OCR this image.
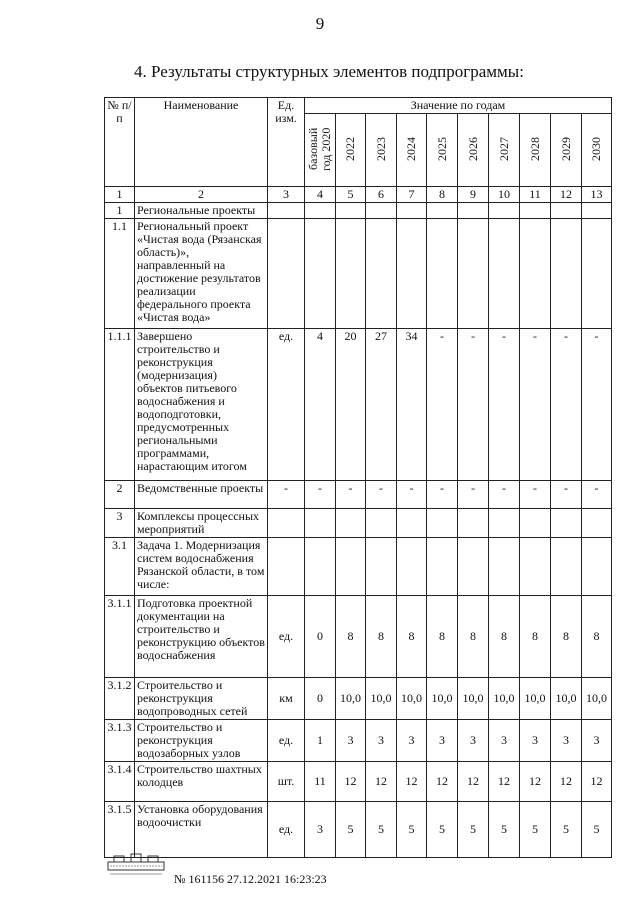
9
4. Результаты структурных элементов подпрограммы:
№ п/п	Наименование	Ед. изм.	Значение по годам									
			базовый год 2020	2022	2023	2024	2025	2026	2027	2028	2029	2030
1	2	3	4	5	6	7	8	9	10	11	12	13
1	Региональные проекты											
1.1	Региональный проект «Чистая вода (Рязанская область)», направленный на достижение результатов реализации федерального проекта «Чистая вода»											
1.1.1	Завершено строительство и реконструкция (модернизация) объектов питьевого водоснабжения и водоподготовки, предусмотренных региональными программами, нарастающим итогом	ед.	4	20	27	34	-	-	-	-	-	-
2	Ведомственные проекты	-	-	-	-	-	-	-	-	-	-	-
3	Комплексы процессных мероприятий											
3.1	Задача 1. Модернизация систем водоснабжения Рязанской области, в том числе:											
3.1.1	Подготовка проектной документации на строительство и реконструкцию объектов водоснабжения	ед.	0	8	8	8	8	8	8	8	8	8
3.1.2	Строительство и реконструкция водопроводных сетей	км	0	10,0	10,0	10,0	10,0	10,0	10,0	10,0	10,0	10,0
3.1.3	Строительство и реконструкция водозаборных узлов	ед.	1	3	3	3	3	3	3	3	3	3
3.1.4	Строительство шахтных колодцев	шт.	11	12	12	12	12	12	12	12	12	12
3.1.5	Установка оборудования водоочистки	ед.	3	5	5	5	5	5	5	5	5	5
№ 161156 27.12.2021 16:23:23
